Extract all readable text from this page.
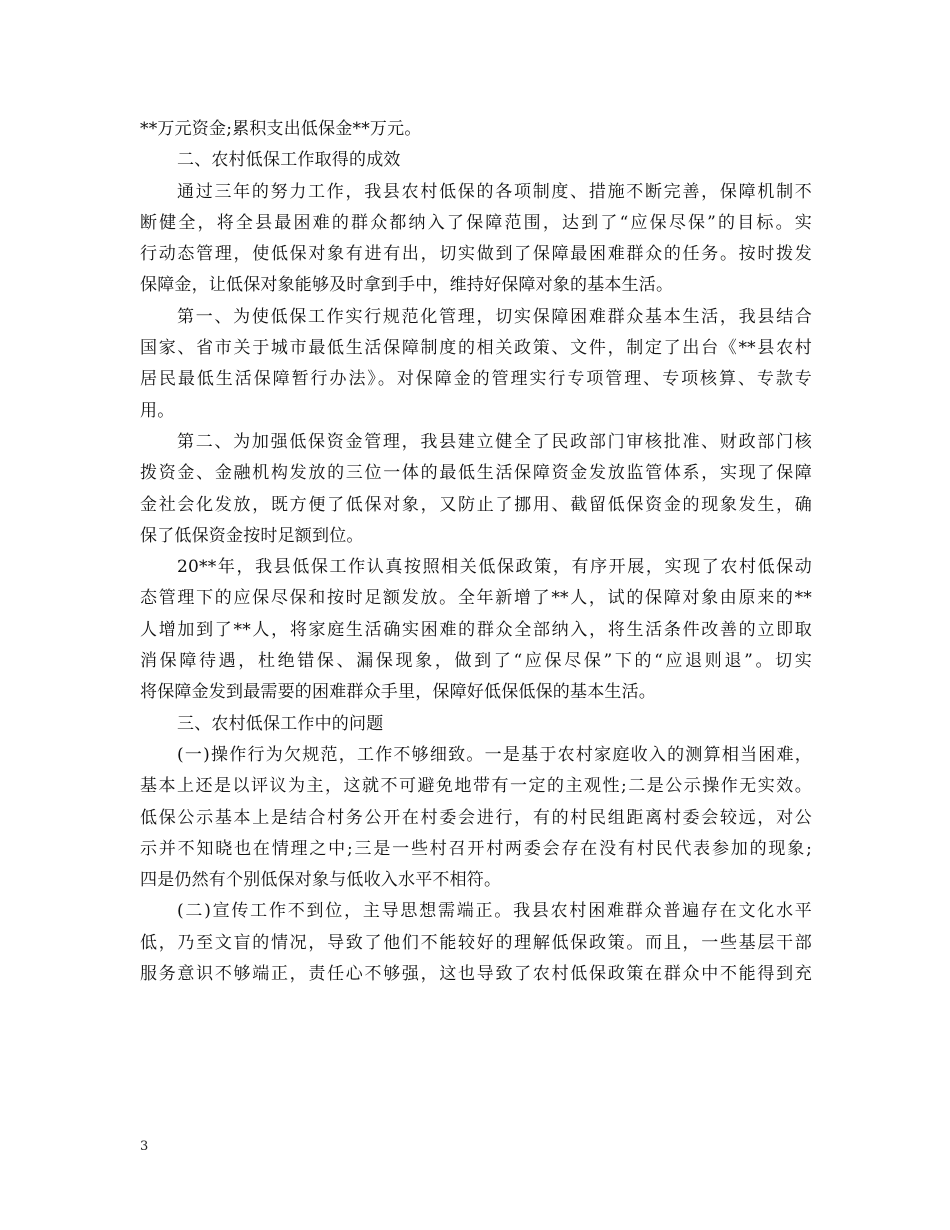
**万元资金;累积支出低保金**万元。
二、农村低保工作取得的成效
通过三年的努力工作，我县农村低保的各项制度、措施不断完善，保障机制不
断健全，将全县最困难的群众都纳入了保障范围，达到了“应保尽保”的目标。实
行动态管理，使低保对象有进有出，切实做到了保障最困难群众的任务。按时拨发
保障金，让低保对象能够及时拿到手中，维持好保障对象的基本生活。
第一、为使低保工作实行规范化管理，切实保障困难群众基本生活，我县结合
国家、省市关于城市最低生活保障制度的相关政策、文件，制定了出台《**县农村
居民最低生活保障暂行办法》。对保障金的管理实行专项管理、专项核算、专款专
用。
第二、为加强低保资金管理，我县建立健全了民政部门审核批准、财政部门核
拨资金、金融机构发放的三位一体的最低生活保障资金发放监管体系，实现了保障
金社会化发放，既方便了低保对象，又防止了挪用、截留低保资金的现象发生，确
保了低保资金按时足额到位。
20**年，我县低保工作认真按照相关低保政策，有序开展，实现了农村低保动
态管理下的应保尽保和按时足额发放。全年新增了**人，试的保障对象由原来的**
人增加到了**人，将家庭生活确实困难的群众全部纳入，将生活条件改善的立即取
消保障待遇，杜绝错保、漏保现象，做到了“应保尽保”下的“应退则退”。切实
将保障金发到最需要的困难群众手里，保障好低保低保的基本生活。
三、农村低保工作中的问题
(一)操作行为欠规范，工作不够细致。一是基于农村家庭收入的测算相当困难，
基本上还是以评议为主，这就不可避免地带有一定的主观性;二是公示操作无实效。
低保公示基本上是结合村务公开在村委会进行，有的村民组距离村委会较远，对公
示并不知晓也在情理之中;三是一些村召开村两委会存在没有村民代表参加的现象;
四是仍然有个别低保对象与低收入水平不相符。
(二)宣传工作不到位，主导思想需端正。我县农村困难群众普遍存在文化水平
低，乃至文盲的情况，导致了他们不能较好的理解低保政策。而且，一些基层干部
服务意识不够端正，责任心不够强，这也导致了农村低保政策在群众中不能得到充
3
